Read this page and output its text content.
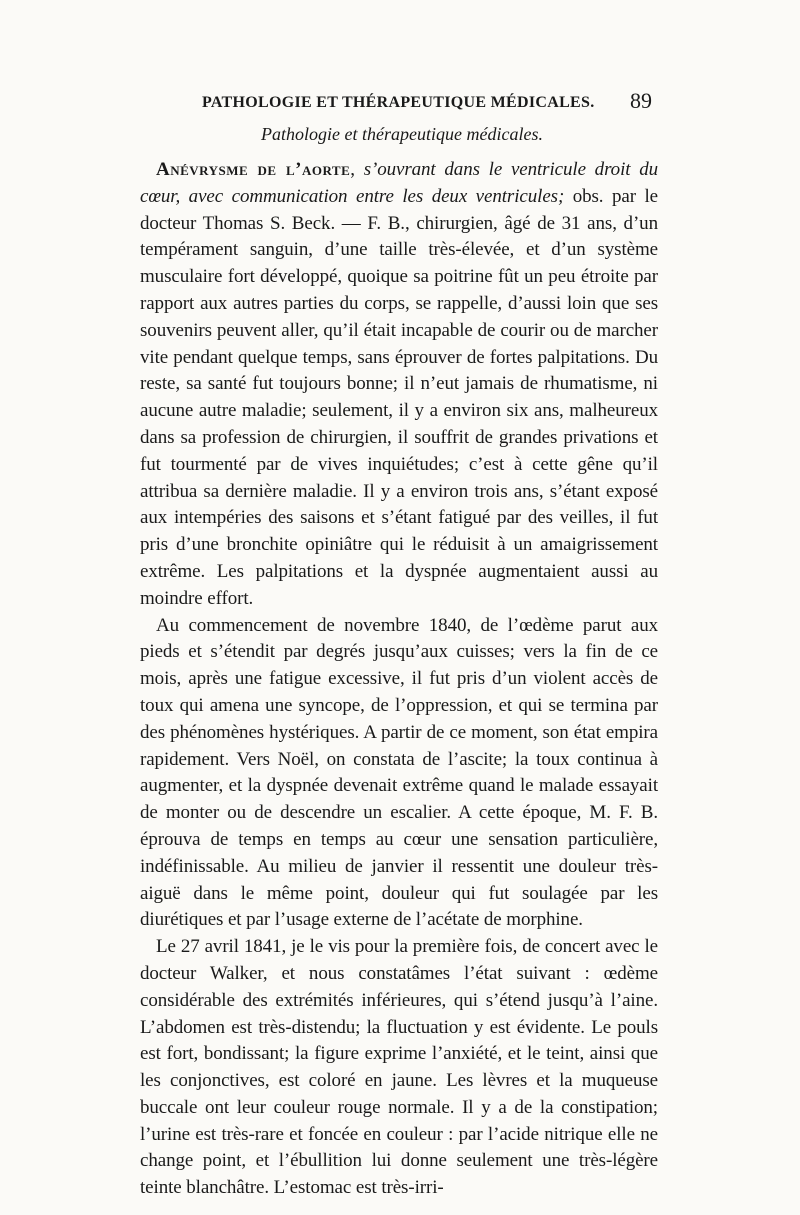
PATHOLOGIE ET THÉRAPEUTIQUE MÉDICALES. 89
Pathologie et thérapeutique médicales.

Anévrysme de l’aorte, s’ouvrant dans le ventricule droit du cœur, avec communication entre les deux ventricules; obs. par le docteur Thomas S. Beck. — F. B., chirurgien, âgé de 31 ans, d’un tempérament sanguin, d’une taille très-élevée, et d’un système musculaire fort développé, quoique sa poitrine fût un peu étroite par rapport aux autres parties du corps, se rappelle, d’aussi loin que ses souvenirs peuvent aller, qu’il était incapable de courir ou de marcher vite pendant quelque temps, sans éprouver de fortes palpitations. Du reste, sa santé fut toujours bonne; il n’eut jamais de rhumatisme, ni aucune autre maladie; seulement, il y a environ six ans, malheureux dans sa profession de chirurgien, il souffrit de grandes privations et fut tourmenté par de vives inquiétudes; c’est à cette gêne qu’il attribua sa dernière maladie. Il y a environ trois ans, s’étant exposé aux intempéries des saisons et s’étant fatigué par des veilles, il fut pris d’une bronchite opiniâtre qui le réduisit à un amaigrissement extrême. Les palpitations et la dyspnée augmentaient aussi au moindre effort.

Au commencement de novembre 1840, de l’œdème parut aux pieds et s’étendit par degrés jusqu’aux cuisses; vers la fin de ce mois, après une fatigue excessive, il fut pris d’un violent accès de toux qui amena une syncope, de l’oppression, et qui se termina par des phénomènes hystériques. A partir de ce moment, son état empira rapidement. Vers Noël, on constata de l’ascite; la toux continua à augmenter, et la dyspnée devenait extrême quand le malade essayait de monter ou de descendre un escalier. A cette époque, M. F. B. éprouva de temps en temps au cœur une sensation particulière, indéfinissable. Au milieu de janvier il ressentit une douleur très-aiguë dans le même point, douleur qui fut soulagée par les diurétiques et par l’usage externe de l’acétate de morphine.

Le 27 avril 1841, je le vis pour la première fois, de concert avec le docteur Walker, et nous constatâmes l’état suivant : œdème considérable des extrémités inférieures, qui s’étend jusqu’à l’aine. L’abdomen est très-distendu; la fluctuation y est évidente. Le pouls est fort, bondissant; la figure exprime l’anxiété, et le teint, ainsi que les conjonctives, est coloré en jaune. Les lèvres et la muqueuse buccale ont leur couleur rouge normale. Il y a de la constipation; l’urine est très-rare et foncée en couleur : par l’acide nitrique elle ne change point, et l’ébullition lui donne seulement une très-légère teinte blanchâtre. L’estomac est très-irri-
